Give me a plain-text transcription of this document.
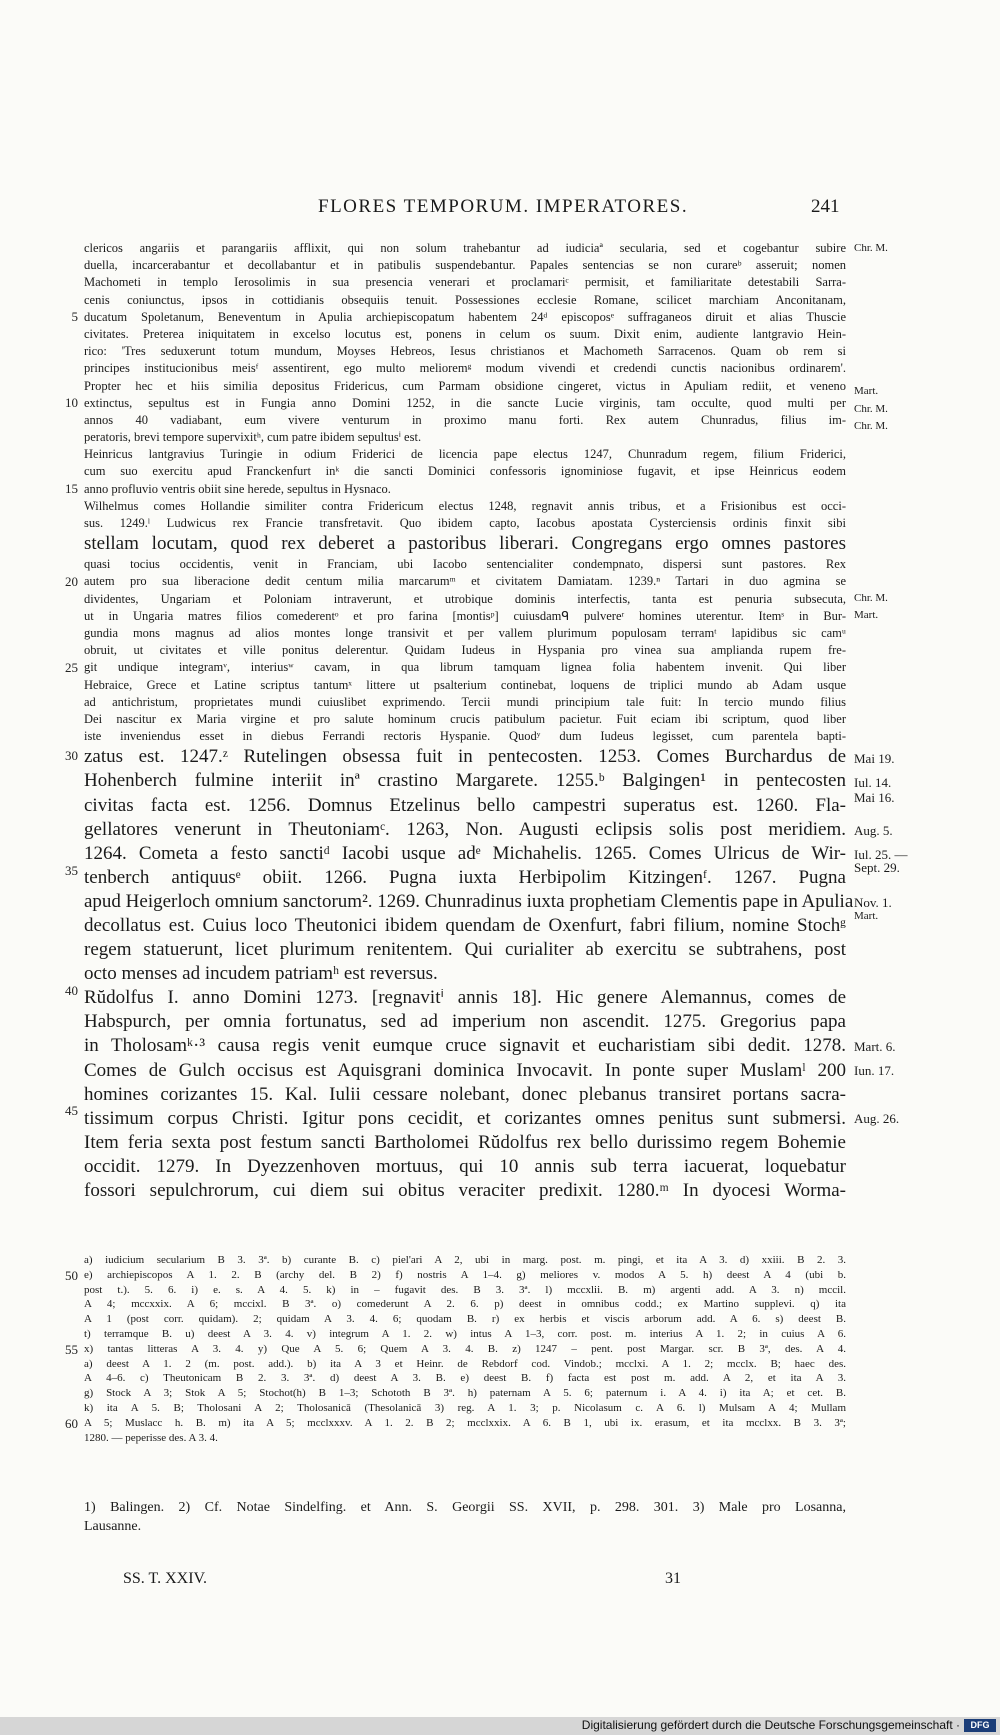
FLORES TEMPORUM. IMPERATORES.	241
clericos angariis et parangariis afflixit, qui non solum trahebantur ad iudiciaª secularia, sed et cogebantur subire
duella, incarcerabantur et decollabantur et in patibulis suspendebantur. Papales sentencias se non curareᵇ asseruit; nomen
Machometi in templo Ierosolimis in sua presencia venerari et proclamariᶜ permisit, et familiaritate detestabili Sarra-
cenis coniunctus, ipsos in cottidianis obsequiis tenuit. Possessiones ecclesie Romane, scilicet marchiam Anconitanam,
ducatum Spoletanum, Beneventum in Apulia archiepiscopatum habentem 24ᵈ episcoposᵉ suffraganeos diruit et alias Thuscie
civitates. Preterea iniquitatem in excelso locutus est, ponens in celum os suum. Dixit enim, audiente lantgravio Hein-
rico: 'Tres seduxerunt totum mundum, Moyses Hebreos, Iesus christianos et Machometh Sarracenos. Quam ob rem si
principes institucionibus meisᶠ assentirent, ego multo melioremᵍ modum vivendi et credendi cunctis nacionibus ordinarem'.
Propter hec et hiis similia depositus Fridericus, cum Parmam obsidione cingeret, victus in Apuliam rediit, et veneno
extinctus, sepultus est in Fungia anno Domini 1252, in die sancte Lucie virginis, tam occulte, quod multi per
annos 40 vadiabant, eum vivere venturum in proximo manu forti. Rex autem Chunradus, filius im-
peratoris, brevi tempore supervixitʰ, cum patre ibidem sepultusⁱ est.
Heinricus lantgravius Turingie in odium Friderici de licencia pape electus 1247, Chunradum regem, filium Friderici,
cum suo exercitu apud Franckenfurt inᵏ die sancti Dominici confessoris ignominiose fugavit, et ipse Heinricus eodem
anno profluvio ventris obiit sine herede, sepultus in Hysnaco.
Wilhelmus comes Hollandie similiter contra Fridericum electus 1248, regnavit annis tribus, et a Frisionibus est occi-
sus. 1249.ˡ Ludwicus rex Francie transfretavit. Quo ibidem capto, Iacobus apostata Cysterciensis ordinis finxit sibi
stellam locutam, quod rex deberet a pastoribus liberari. Congregans ergo omnes pastores
quasi tocius occidentis, venit in Franciam, ubi Iacobo sentencialiter condempnato, dispersi sunt pastores. Rex
autem pro sua liberacione dedit centum milia marcarumᵐ et civitatem Damiatam. 1239.ⁿ Tartari in duo agmina se
dividentes, Ungariam et Poloniam intraverunt, et utrobique dominis interfectis, tanta est penuria subsecuta,
ut in Ungaria matres filios comederentᵒ et pro farina [montisᵖ] cuiusdamᑫ pulvereʳ homines uterentur. Itemˢ in Bur-
gundia mons magnus ad alios montes longe transivit et per vallem plurimum populosam terramᵗ lapidibus sic camᵘ
obruit, ut civitates et ville ponitus delerentur. Quidam Iudeus in Hyspania pro vinea sua amplianda rupem fre-
git undique integramᵛ, interiusʷ cavam, in qua librum tamquam lignea folia habentem invenit. Qui liber
Hebraice, Grece et Latine scriptus tantumˣ littere ut psalterium continebat, loquens de triplici mundo ab Adam usque
ad antichristum, proprietates mundi cuiuslibet exprimendo. Tercii mundi principium tale fuit: In tercio mundo filius
Dei nascitur ex Maria virgine et pro salute hominum crucis patibulum pacietur. Fuit eciam ibi scriptum, quod liber
iste inveniendus esset in diebus Ferrandi rectoris Hyspanie. Quodʸ dum Iudeus legisset, cum parentela bapti-
zatus est. 1247.ᶻ Rutelingen obsessa fuit in pentecosten. 1253. Comes Burchardus de
Hohenberch fulmine interiit inª crastino Margarete. 1255.ᵇ Balgingen¹ in pentecosten
civitas facta est. 1256. Domnus Etzelinus bello campestri superatus est. 1260. Fla-
gellatores venerunt in Theutoniamᶜ. 1263, Non. Augusti eclipsis solis post meridiem.
1264. Cometa a festo sanctiᵈ Iacobi usque adᵉ Michahelis. 1265. Comes Ulricus de Wir-
tenberch antiquusᵉ obiit. 1266. Pugna iuxta Herbipolim Kitzingenᶠ. 1267. Pugna
apud Heigerloch omnium sanctorum². 1269. Chunradinus iuxta prophetiam Clementis pape in Apulia
decollatus est. Cuius loco Theutonici ibidem quendam de Oxenfurt, fabri filium, nomine Stochᵍ
regem statuerunt, licet plurimum renitentem. Qui curialiter ab exercitu se subtrahens, post
octo menses ad incudem patriamʰ est reversus.
Rŭdolfus I. anno Domini 1273. [regnavitⁱ annis 18]. Hic genere Alemannus, comes de
Habspurch, per omnia fortunatus, sed ad imperium non ascendit. 1275. Gregorius papa
in Tholosamᵏ·³ causa regis venit eumque cruce signavit et eucharistiam sibi dedit. 1278.
Comes de Gulch occisus est Aquisgrani dominica Invocavit. In ponte super Muslamˡ 200
homines corizantes 15. Kal. Iulii cessare nolebant, donec plebanus transiret portans sacra-
tissimum corpus Christi. Igitur pons cecidit, et corizantes omnes penitus sunt submersi.
Item feria sexta post festum sancti Bartholomei Rŭdolfus rex bello durissimo regem Bohemie
occidit. 1279. In Dyezzenhoven mortuus, qui 10 annis sub terra iacuerat, loquebatur
fossori sepulchrorum, cui diem sui obitus veraciter predixit. 1280.ᵐ In dyocesi Worma-
5
10
15
20
25
30
35
40
45
Chr. M.
Mart.
Chr. M.
Chr. M.
Chr. M.
Mart.
Mai 19.
Iul. 14.
Mai 16.
Aug. 5.
Iul. 25. —
Sept. 29.
Nov. 1.
Mart.
Mart. 6.
Iun. 17.
Aug. 26.
a) iudicium secularium B 3. 3ª. b) curante B. c) piel'ari A 2, ubi in marg. post. m. pingi, et ita A 3. d) xxiii. B 2. 3.
e) archiepiscopos A 1. 2. B (archy del. B 2) f) nostris A 1–4. g) meliores v. modos A 5. h) deest A 4 (ubi b.
post t.). 5. 6. i) e. s. A 4. 5. k) in – fugavit des. B 3. 3ª. l) mccxlii. B. m) argenti add. A 3. n) mccil.
A 4; mccxxix. A 6; mccixl. B 3ª. o) comederunt A 2. 6. p) deest in omnibus codd.; ex Martino supplevi. q) ita
A 1 (post corr. quidam). 2; quidam A 3. 4. 6; quodam B. r) ex herbis et viscis arborum add. A 6. s) deest B.
t) terramque B. u) deest A 3. 4. v) integrum A 1. 2. w) intus A 1–3, corr. post. m. interius A 1. 2; in cuius A 6.
x) tantas litteras A 3. 4. y) Que A 5. 6; Quem A 3. 4. B. z) 1247 – pent. post Margar. scr. B 3ª, des. A 4.
a) deest A 1. 2 (m. post. add.). b) ita A 3 et Heinr. de Rebdorf cod. Vindob.; mcclxi. A 1. 2; mcclx. B; haec des.
A 4–6. c) Theutonicam B 2. 3. 3ª. d) deest A 3. B. e) deest B. f) facta est post m. add. A 2, et ita A 3.
g) Stock A 3; Stok A 5; Stochot(h) B 1–3; Schototh B 3ª. h) paternam A 5. 6; paternum i. A 4. i) ita A; et cet. B.
k) ita A 5. B; Tholosani A 2; Tholosanicā (Thesolanicā 3) reg. A 1. 3; p. Nicolasum c. A 6. l) Mulsam A 4; Mullam
A 5; Muslacc h. B. m) ita A 5; mcclxxxv. A 1. 2. B 2; mcclxxix. A 6. B 1, ubi ix. erasum, et ita mcclxx. B 3. 3ª;
1280. — peperisse des. A 3. 4.
50
55
60
1) Balingen. 2) Cf. Notae Sindelfing. et Ann. S. Georgii SS. XVII, p. 298. 301. 3) Male pro Losanna,
Lausanne.
SS. T. XXIV.	31
Digitalisierung gefördert durch die Deutsche Forschungsgemeinschaft ·	DFG
